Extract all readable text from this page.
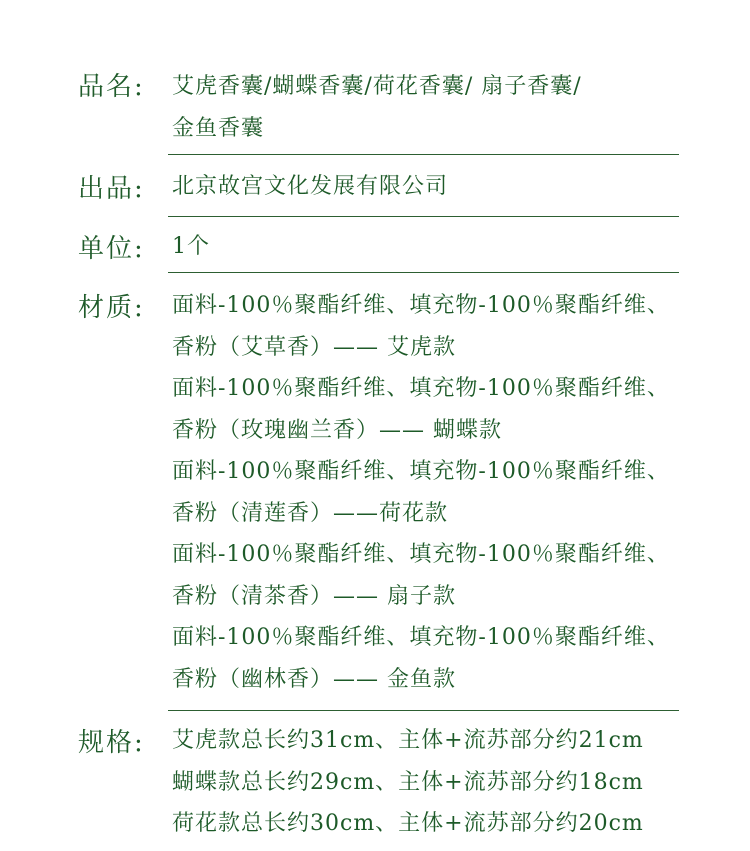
品名: 艾虎香囊/蝴蝶香囊/荷花香囊/ 扇子香囊/
金鱼香囊
出品: 北京故宫文化发展有限公司
单位: 1个
材质: 面料-100％聚酯纤维、填充物-100％聚酯纤维、
香粉（艾草香）—— 艾虎款
面料-100％聚酯纤维、填充物-100％聚酯纤维、
香粉（玫瑰幽兰香）—— 蝴蝶款
面料-100％聚酯纤维、填充物-100％聚酯纤维、
香粉（清莲香）——荷花款
面料-100％聚酯纤维、填充物-100％聚酯纤维、
香粉（清茶香）—— 扇子款
面料-100％聚酯纤维、填充物-100％聚酯纤维、
香粉（幽林香）—— 金鱼款
规格: 艾虎款总长约31cm、主体+流苏部分约21cm
蝴蝶款总长约29cm、主体+流苏部分约18cm
荷花款总长约30cm、主体+流苏部分约20cm
